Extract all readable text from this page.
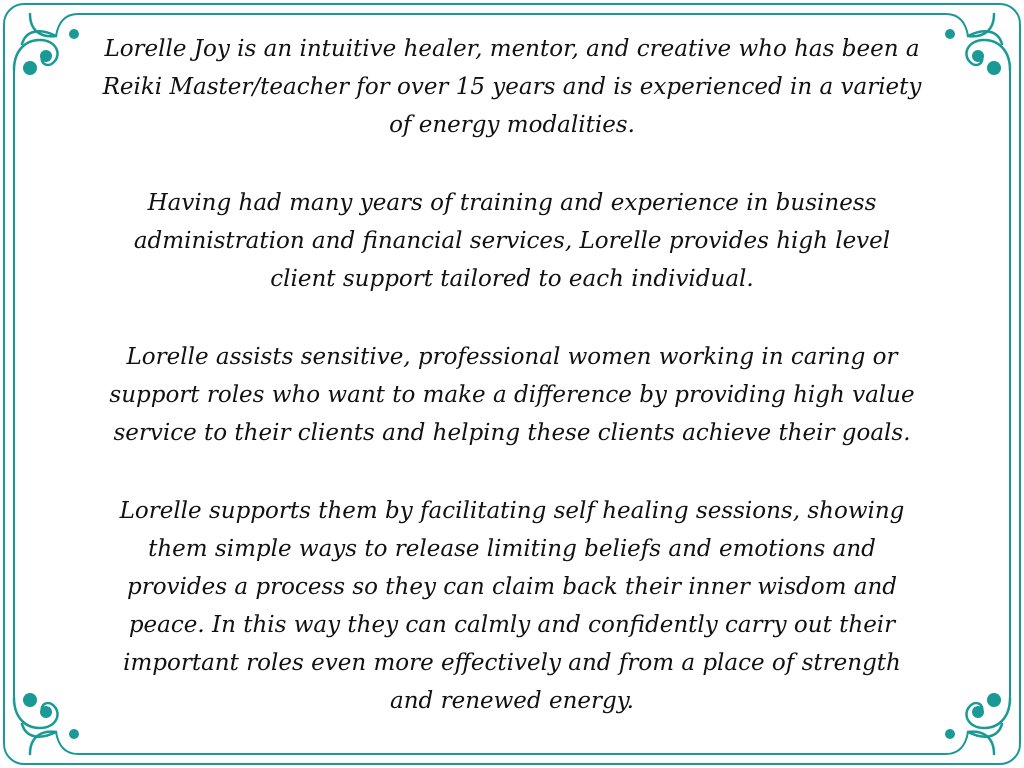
Lorelle Joy is an intuitive healer, mentor, and creative who has been a Reiki Master/teacher for over 15 years and is experienced in a variety of energy modalities.

Having had many years of training and experience in business administration and financial services, Lorelle provides high level client support tailored to each individual.

Lorelle assists sensitive, professional women working in caring or support roles who want to make a difference by providing high value service to their clients and helping these clients achieve their goals.

Lorelle supports them by facilitating self healing sessions, showing them simple ways to release limiting beliefs and emotions and provides a process so they can claim back their inner wisdom and peace. In this way they can calmly and confidently carry out their important roles even more effectively and from a place of strength and renewed energy.
